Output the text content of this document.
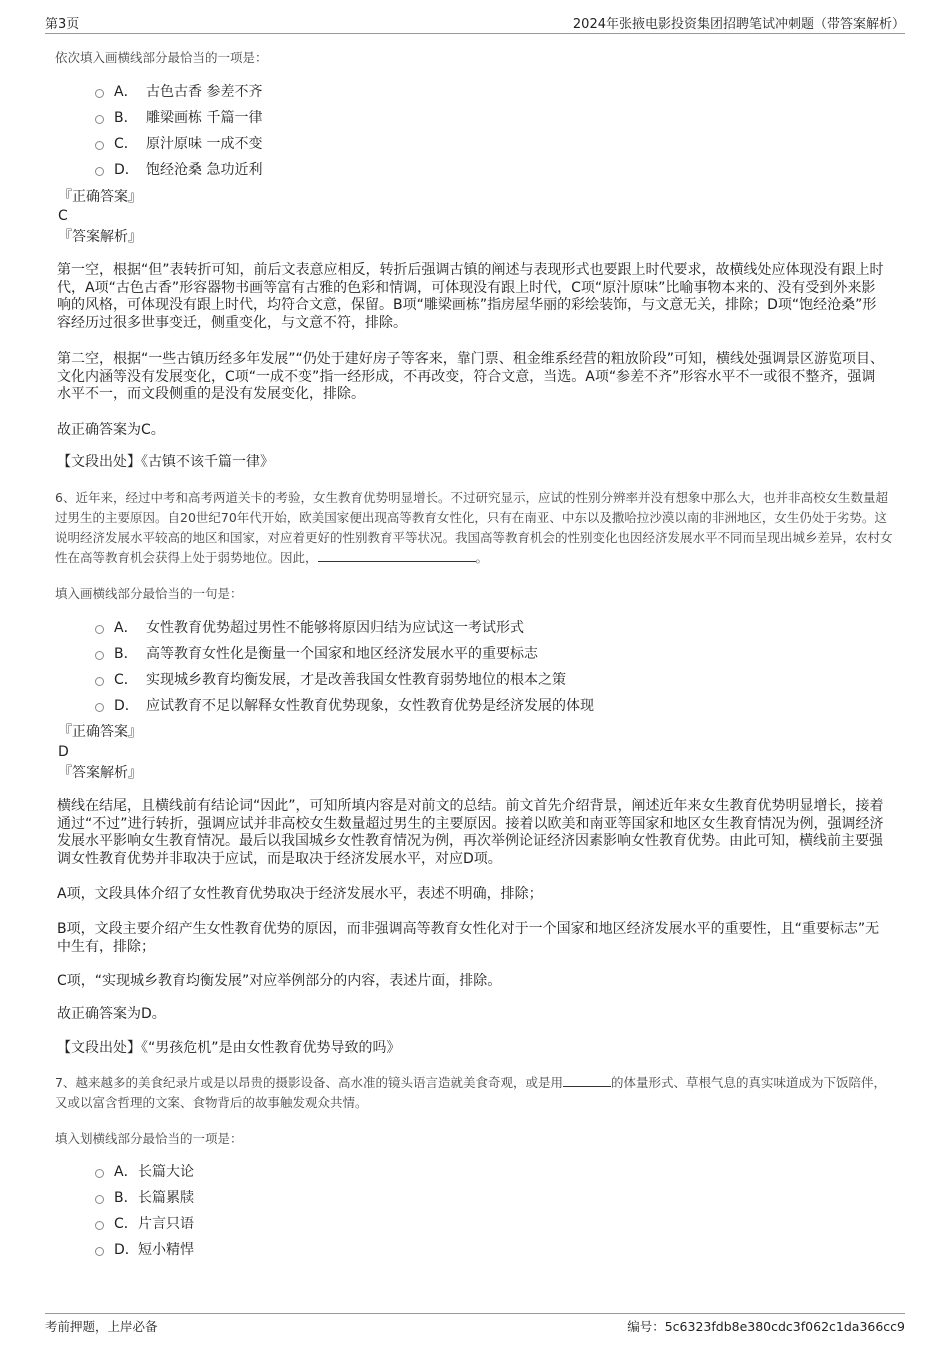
第3页	2024年张掖电影投资集团招聘笔试冲刺题（带答案解析）
依次填入画横线部分最恰当的一项是：
A． 古色古香 参差不齐
B． 雕梁画栋 千篇一律
C． 原汁原味 一成不变
D． 饱经沧桑 急功近利
『正确答案』
C
『答案解析』
第一空，根据“但”表转折可知，前后文表意应相反，转折后强调古镇的阐述与表现形式也要跟上时代要求，故横线处应体现没有跟上时代，A项“古色古香”形容器物书画等富有古雅的色彩和情调，可体现没有跟上时代，C项“原汁原味”比喻事物本来的、没有受到外来影响的风格，可体现没有跟上时代，均符合文意，保留。B项“雕梁画栋”指房屋华丽的彩绘装饰，与文意无关，排除；D项“饱经沧桑”形容经历过很多世事变迁，侧重变化，与文意不符，排除。
第二空，根据“一些古镇历经多年发展”“仍处于建好房子等客来，靠门票、租金维系经营的粗放阶段”可知，横线处强调景区游览项目、文化内涵等没有发展变化，C项“一成不变”指一经形成，不再改变，符合文意，当选。A项“参差不齐”形容水平不一或很不整齐，强调水平不一，而文段侧重的是没有发展变化，排除。
故正确答案为C。
【文段出处】《古镇不该千篇一律》
6、近年来，经过中考和高考两道关卡的考验，女生教育优势明显增长。不过研究显示，应试的性别分辨率并没有想象中那么大，也并非高校女生数量超过男生的主要原因。自20世纪70年代开始，欧美国家便出现高等教育女性化，只有在南亚、中东以及撒哈拉沙漠以南的非洲地区，女生仍处于劣势。这说明经济发展水平较高的地区和国家，对应着更好的性别教育平等状况。我国高等教育机会的性别变化也因经济发展水平不同而呈现出城乡差异，农村女性在高等教育机会获得上处于弱势地位。因此，	。
填入画横线部分最恰当的一句是：
A． 女性教育优势超过男性不能够将原因归结为应试这一考试形式
B． 高等教育女性化是衡量一个国家和地区经济发展水平的重要标志
C． 实现城乡教育均衡发展，才是改善我国女性教育弱势地位的根本之策
D． 应试教育不足以解释女性教育优势现象，女性教育优势是经济发展的体现
『正确答案』
D
『答案解析』
横线在结尾，且横线前有结论词“因此”，可知所填内容是对前文的总结。前文首先介绍背景，阐述近年来女生教育优势明显增长，接着通过“不过”进行转折，强调应试并非高校女生数量超过男生的主要原因。接着以欧美和南亚等国家和地区女生教育情况为例，强调经济发展水平影响女生教育情况。最后以我国城乡女性教育情况为例，再次举例论证经济因素影响女性教育优势。由此可知，横线前主要强调女性教育优势并非取决于应试，而是取决于经济发展水平，对应D项。
A项，文段具体介绍了女性教育优势取决于经济发展水平，表述不明确，排除；
B项，文段主要介绍产生女性教育优势的原因，而非强调高等教育女性化对于一个国家和地区经济发展水平的重要性，且“重要标志”无中生有，排除；
C项，“实现城乡教育均衡发展”对应举例部分的内容，表述片面，排除。
故正确答案为D。
【文段出处】《“男孩危机”是由女性教育优势导致的吗》
7、越来越多的美食纪录片或是以昂贵的摄影设备、高水准的镜头语言造就美食奇观，或是用	的体量形式、草根气息的真实味道成为下饭陪伴，又或以富含哲理的文案、食物背后的故事触发观众共情。
填入划横线部分最恰当的一项是：
A． 长篇大论
B． 长篇累牍
C． 片言只语
D． 短小精悍
考前押题，上岸必备	编号：5c6323fdb8e380cdc3f062c1da366cc9
